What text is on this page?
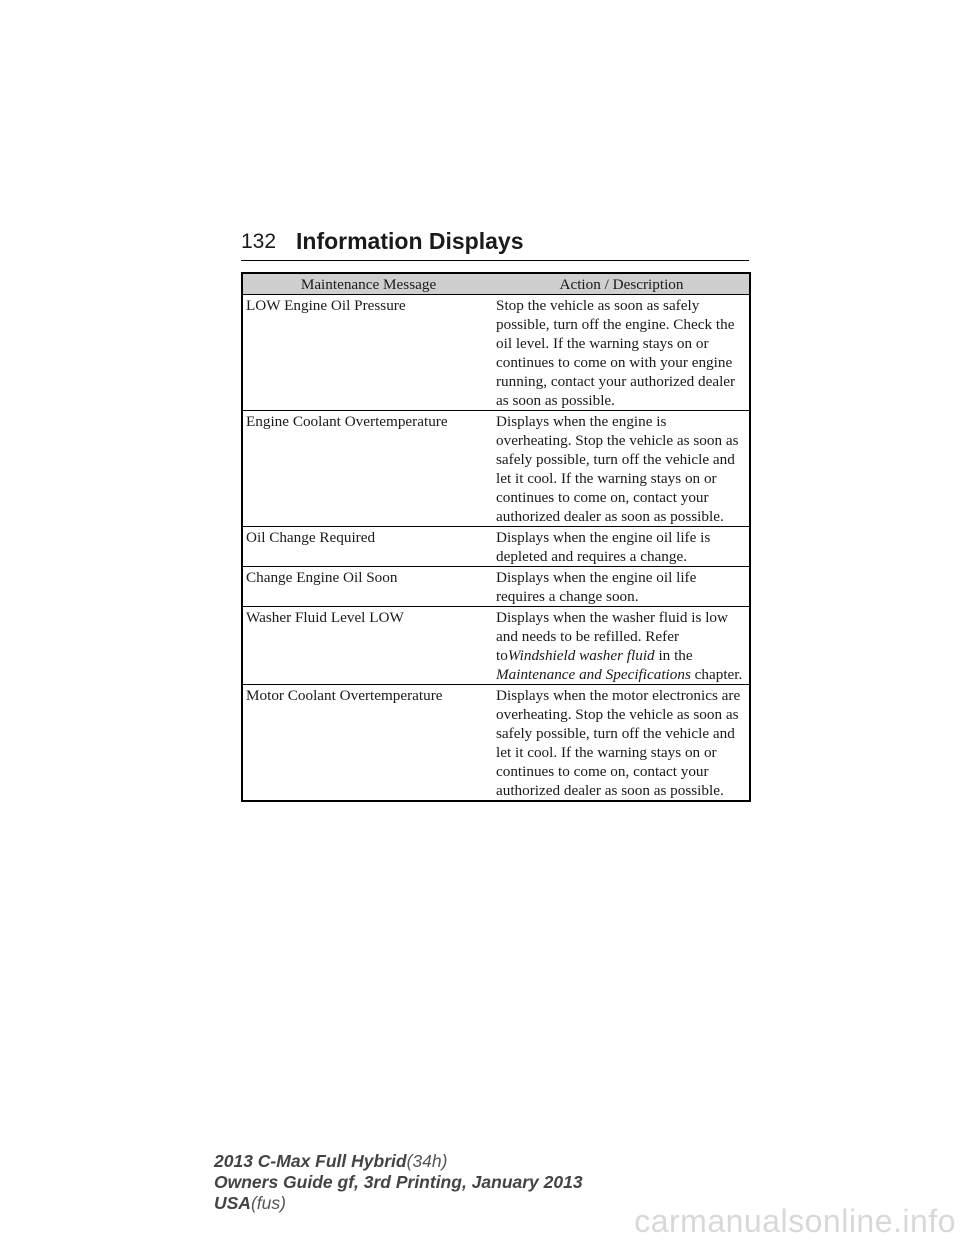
132 Information Displays
Maintenance Message	Action / Description
LOW Engine Oil Pressure	Stop the vehicle as soon as safely possible, turn off the engine. Check the oil level. If the warning stays on or continues to come on with your engine running, contact your authorized dealer as soon as possible.
Engine Coolant Overtemperature	Displays when the engine is overheating. Stop the vehicle as soon as safely possible, turn off the vehicle and let it cool. If the warning stays on or continues to come on, contact your authorized dealer as soon as possible.
Oil Change Required	Displays when the engine oil life is depleted and requires a change.
Change Engine Oil Soon	Displays when the engine oil life requires a change soon.
Washer Fluid Level LOW	Displays when the washer fluid is low and needs to be refilled. Refer toWindshield washer fluid in the Maintenance and Specifications chapter.
Motor Coolant Overtemperature	Displays when the motor electronics are overheating. Stop the vehicle as soon as safely possible, turn off the vehicle and let it cool. If the warning stays on or continues to come on, contact your authorized dealer as soon as possible.
2013 C-Max Full Hybrid(34h)
Owners Guide gf, 3rd Printing, January 2013
USA(fus)	carmanualsonline.info
